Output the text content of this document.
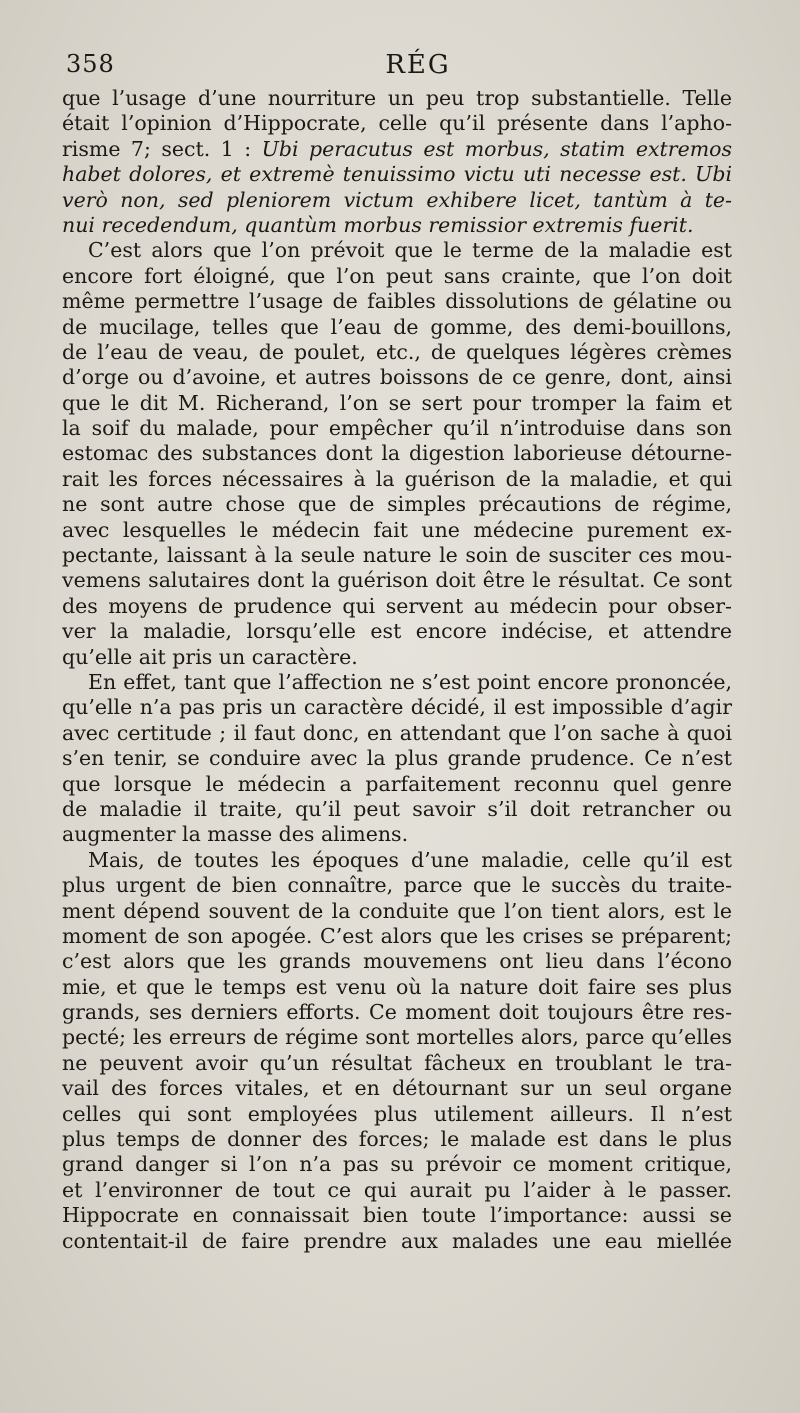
358	RÉG
que l’usage d’une nourriture un peu trop substantielle. Telle
était l’opinion d’Hippocrate, celle qu’il présente dans l’apho-
risme 7; sect. 1 : Ubi peracutus est morbus, statim extremos
habet dolores, et extremè tenuissimo victu uti necesse est. Ubi
verò non, sed pleniorem victum exhibere licet, tantùm à te-
nui recedendum, quantùm morbus remissior extremis fuerit.
C’est alors que l’on prévoit que le terme de la maladie est
encore fort éloigné, que l’on peut sans crainte, que l’on doit
même permettre l’usage de faibles dissolutions de gélatine ou
de mucilage, telles que l’eau de gomme, des demi-bouillons,
de l’eau de veau, de poulet, etc., de quelques légères crèmes
d’orge ou d’avoine, et autres boissons de ce genre, dont, ainsi
que le dit M. Richerand, l’on se sert pour tromper la faim et
la soif du malade, pour empêcher qu’il n’introduise dans son
estomac des substances dont la digestion laborieuse détourne-
rait les forces nécessaires à la guérison de la maladie, et qui
ne sont autre chose que de simples précautions de régime,
avec lesquelles le médecin fait une médecine purement ex-
pectante, laissant à la seule nature le soin de susciter ces mou-
vemens salutaires dont la guérison doit être le résultat. Ce sont
des moyens de prudence qui servent au médecin pour obser-
ver la maladie, lorsqu’elle est encore indécise, et attendre
qu’elle ait pris un caractère.
En effet, tant que l’affection ne s’est point encore prononcée,
qu’elle n’a pas pris un caractère décidé, il est impossible d’agir
avec certitude ; il faut donc, en attendant que l’on sache à quoi
s’en tenir, se conduire avec la plus grande prudence. Ce n’est
que lorsque le médecin a parfaitement reconnu quel genre
de maladie il traite, qu’il peut savoir s’il doit retrancher ou
augmenter la masse des alimens.
Mais, de toutes les époques d’une maladie, celle qu’il est
plus urgent de bien connaître, parce que le succès du traite-
ment dépend souvent de la conduite que l’on tient alors, est le
moment de son apogée. C’est alors que les crises se préparent;
c’est alors que les grands mouvemens ont lieu dans l’écono
mie, et que le temps est venu où la nature doit faire ses plus
grands, ses derniers efforts. Ce moment doit toujours être res-
pecté; les erreurs de régime sont mortelles alors, parce qu’elles
ne peuvent avoir qu’un résultat fâcheux en troublant le tra-
vail des forces vitales, et en détournant sur un seul organe
celles qui sont employées plus utilement ailleurs. Il n’est
plus temps de donner des forces; le malade est dans le plus
grand danger si l’on n’a pas su prévoir ce moment critique,
et l’environner de tout ce qui aurait pu l’aider à le passer.
Hippocrate en connaissait bien toute l’importance: aussi se
contentait-il de faire prendre aux malades une eau miellée
